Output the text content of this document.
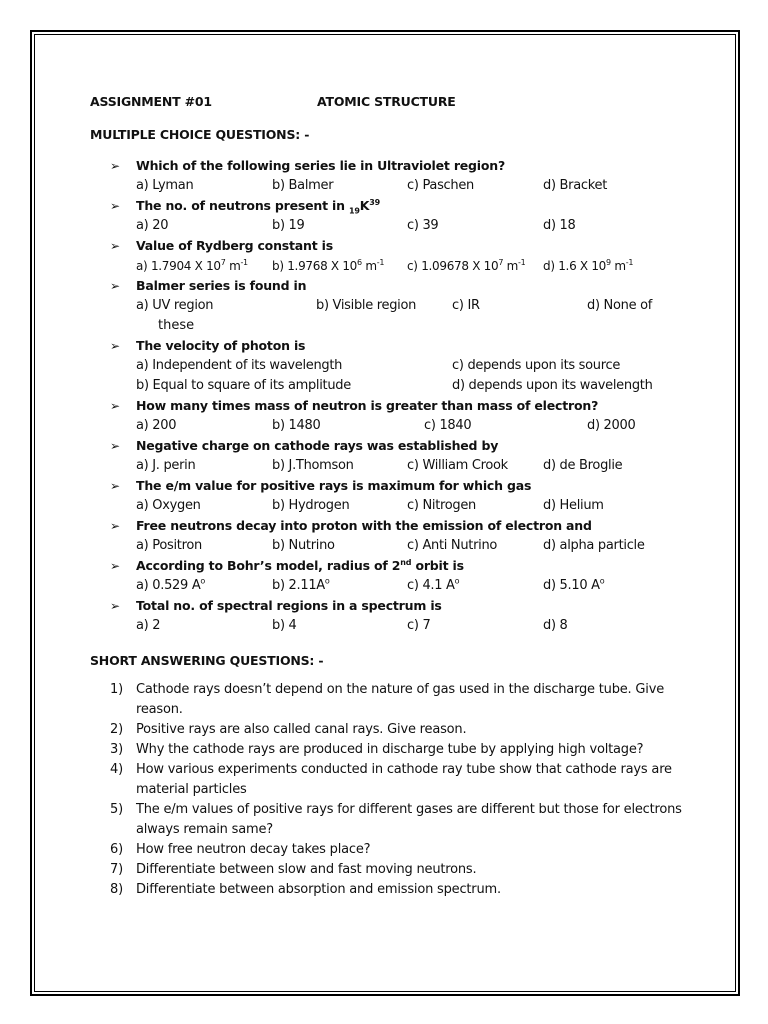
ASSIGNMENT #01	ATOMIC STRUCTURE
MULTIPLE CHOICE QUESTIONS: -
➢ Which of the following series lie in Ultraviolet region?
a) Lyman	b) Balmer	c) Paschen	d) Bracket
➢ The no. of neutrons present in $_{19}K^{39}$
a) 20	b) 19	c) 39	d) 18
➢ Value of Rydberg constant is
a) 1.7904 X $10^7$ $m^{-1}$ b) 1.9768 X $10^6$ $m^{-1}$ c) 1.09678 X $10^7$ $m^{-1}$ d) 1.6 X $10^9$ $m^{-1}$
➢ Balmer series is found in
a) UV region	b) Visible region	c) IR	d) None of
these
➢ The velocity of photon is
a) Independent of its wavelength	c) depends upon its source
b) Equal to square of its amplitude	d) depends upon its wavelength
➢ How many times mass of neutron is greater than mass of electron?
a) 200	b) 1480	c) 1840	d) 2000
➢ Negative charge on cathode rays was established by
a) J. perin	b) J.Thomson	c) William Crook	d) de Broglie
➢ The e/m value for positive rays is maximum for which gas
a) Oxygen	b) Hydrogen	c) Nitrogen	d) Helium
➢ Free neutrons decay into proton with the emission of electron and
a) Positron	b) Nutrino	c) Anti Nutrino	d) alpha particle
➢ According to Bohr’s model, radius of 2nd orbit is
a) 0.529 $A^o$	b) $2.11A^o$	c) 4.1 $A^o$	d) 5.10 $A^o$
➢ Total no. of spectral regions in a spectrum is
a) 2	b) 4	c) 7	d) 8
SHORT ANSWERING QUESTIONS: -
1) Cathode rays doesn’t depend on the nature of gas used in the discharge tube. Give reason.
2) Positive rays are also called canal rays. Give reason.
3) Why the cathode rays are produced in discharge tube by applying high voltage?
4) How various experiments conducted in cathode ray tube show that cathode rays are material particles
5) The e/m values of positive rays for different gases are different but those for electrons always remain same?
6) How free neutron decay takes place?
7) Differentiate between slow and fast moving neutrons.
8) Differentiate between absorption and emission spectrum.
